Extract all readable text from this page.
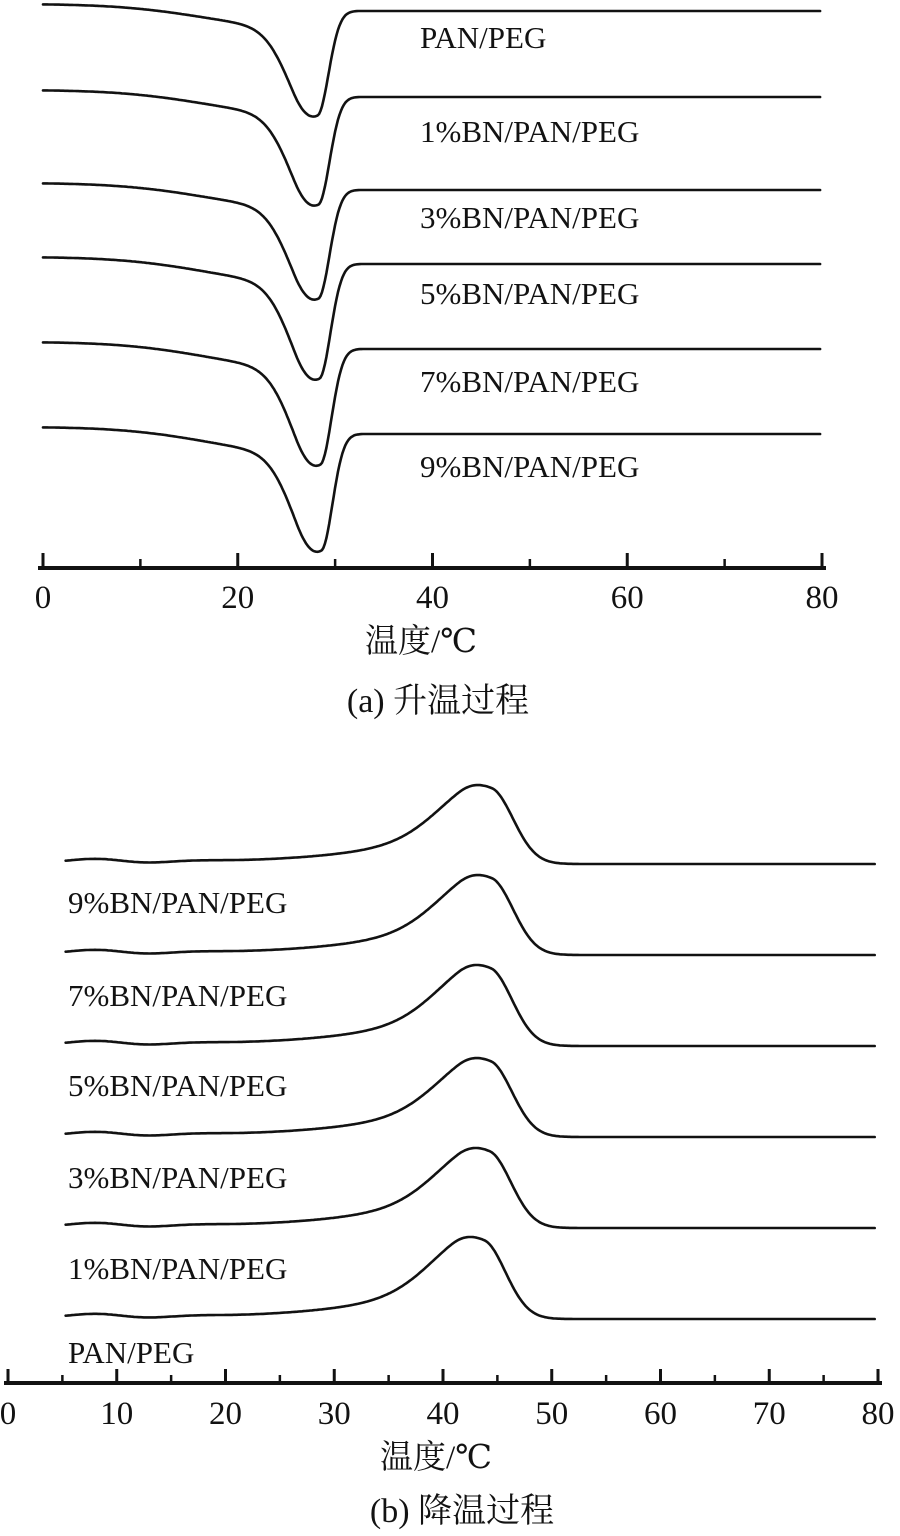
PAN/PEG
1%BN/PAN/PEG
3%BN/PAN/PEG
5%BN/PAN/PEG
7%BN/PAN/PEG
9%BN/PAN/PEG
0	20	40	60	80
温度/℃
(a) 升温过程
9%BN/PAN/PEG
7%BN/PAN/PEG
5%BN/PAN/PEG
3%BN/PAN/PEG
1%BN/PAN/PEG
PAN/PEG
0	10 20 30 40 50 60 70 80
温度/℃
(b) 降温过程
